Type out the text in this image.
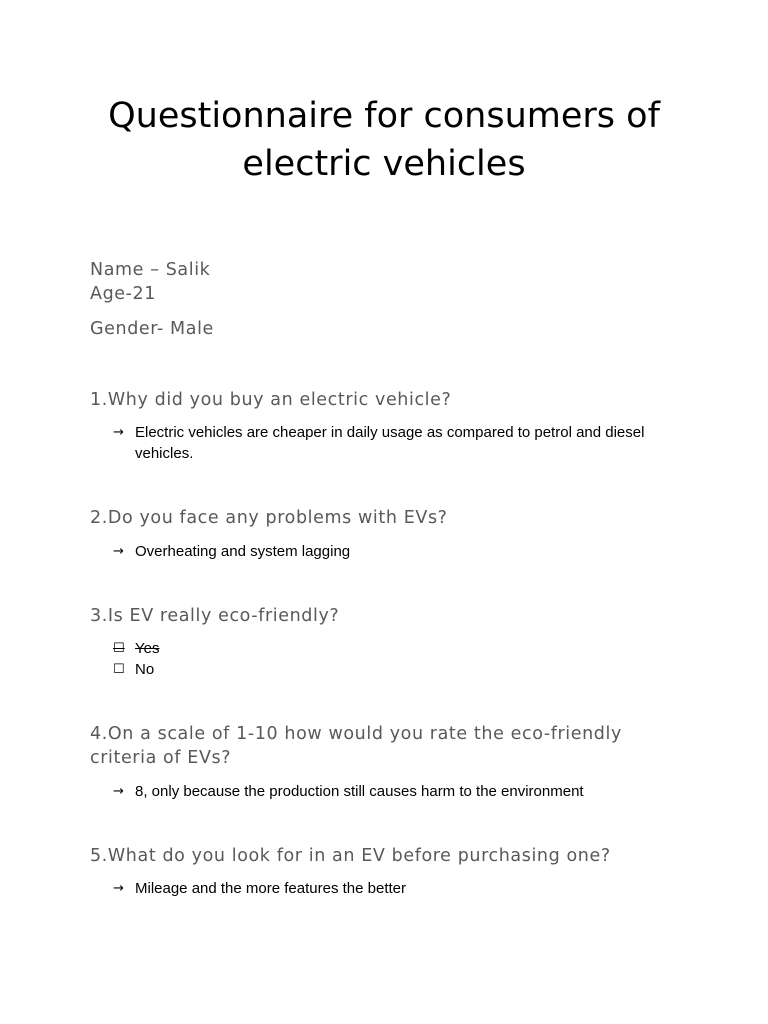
Questionnaire for consumers of electric vehicles

Name – Salik

Age-21

Gender- Male

1.Why did you buy an electric vehicle?

→ Electric vehicles are cheaper in daily usage as compared to petrol and diesel vehicles.

2.Do you face any problems with EVs?

→ Overheating and system lagging

3.Is EV really eco-friendly?

☐ Yes
☐ No

4.On a scale of 1-10 how would you rate the eco-friendly criteria of EVs?

→ 8, only because the production still causes harm to the environment

5.What do you look for in an EV before purchasing one?

→ Mileage and the more features the better
